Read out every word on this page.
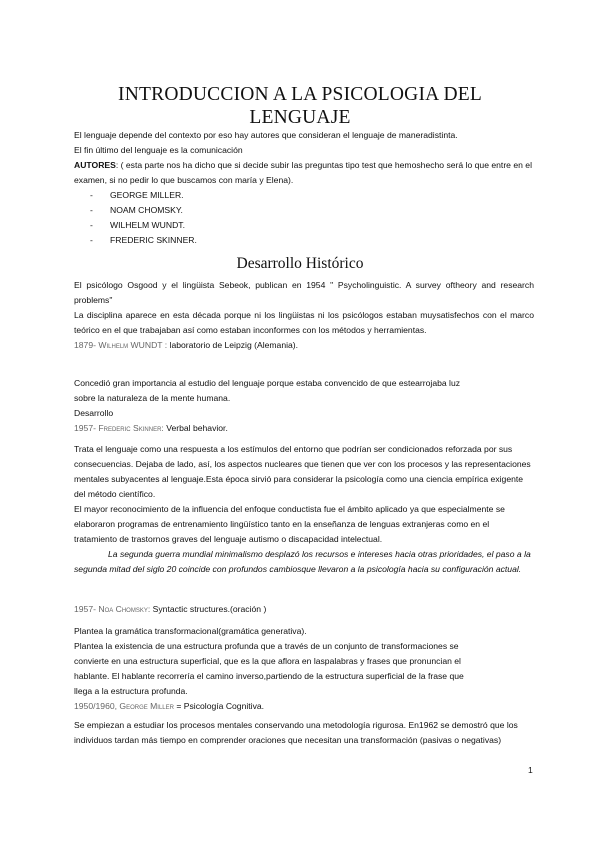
INTRODUCCION A LA PSICOLOGIA DEL
LENGUAJE

El lenguaje depende del contexto por eso hay autores que consideran el lenguaje de maneradistinta.

El fin último del lenguaje es la comunicación

AUTORES: ( esta parte nos ha dicho que si decide subir las preguntas tipo test que hemoshecho será lo que entre en el examen, si no pedir lo que buscamos con maría y Elena).

- GEORGE MILLER.
- NOAM CHOMSKY.
- WILHELM WUNDT.
- FREDERIC SKINNER.
Desarrollo Histórico

El psicólogo Osgood y el lingüista Sebeok, publican en 1954 " Psycholinguistic. A survey oftheory and research problems"

La disciplina aparece en esta década porque ni los lingüistas ni los psicólogos estaban muysatisfechos con el marco teórico en el que trabajaban así como estaban inconformes con los métodos y herramientas.

1879- Wilhelm WUNDT : laboratorio de Leipzig (Alemania).

Concedió gran importancia al estudio del lenguaje porque estaba convencido de que estearrojaba luz sobre la naturaleza de la mente humana.

Desarrollo

1957- Frederic Skinner: Verbal behavior.

Trata el lenguaje como una respuesta a los estímulos del entorno que podrían ser condicionados reforzada por sus consecuencias. Dejaba de lado, así, los aspectos nucleares que tienen que ver con los procesos y las representaciones mentales subyacentes al lenguaje.Esta época sirvió para considerar la psicología como una ciencia empírica exigente del método científico.

El mayor reconocimiento de la influencia del enfoque conductista fue el ámbito aplicado ya que especialmente se elaboraron programas de entrenamiento lingüístico tanto en la enseñanza de lenguas extranjeras como en el tratamiento de trastornos graves del lenguaje autismo o discapacidad intelectual.

La segunda guerra mundial minimalismo desplazó los recursos e intereses hacia otras prioridades, el paso a la segunda mitad del siglo 20 coincide con profundos cambiosque llevaron a la psicología hacia su configuración actual.

1957- Noa Chomsky: Syntactic structures.(oración )

Plantea la gramática transformacional(gramática generativa).

Plantea la existencia de una estructura profunda que a través de un conjunto de transformaciones se convierte en una estructura superficial, que es la que aflora en laspalabras y frases que pronuncian el hablante. El hablante recorrería el camino inverso,partiendo de la estructura superficial de la frase que llega a la estructura profunda.

1950/1960, George Miller = Psicología Cognitiva.

Se empiezan a estudiar los procesos mentales conservando una metodología rigurosa. En1962 se demostró que los individuos tardan más tiempo en comprender oraciones que necesitan una transformación (pasivas o negativas)

1
